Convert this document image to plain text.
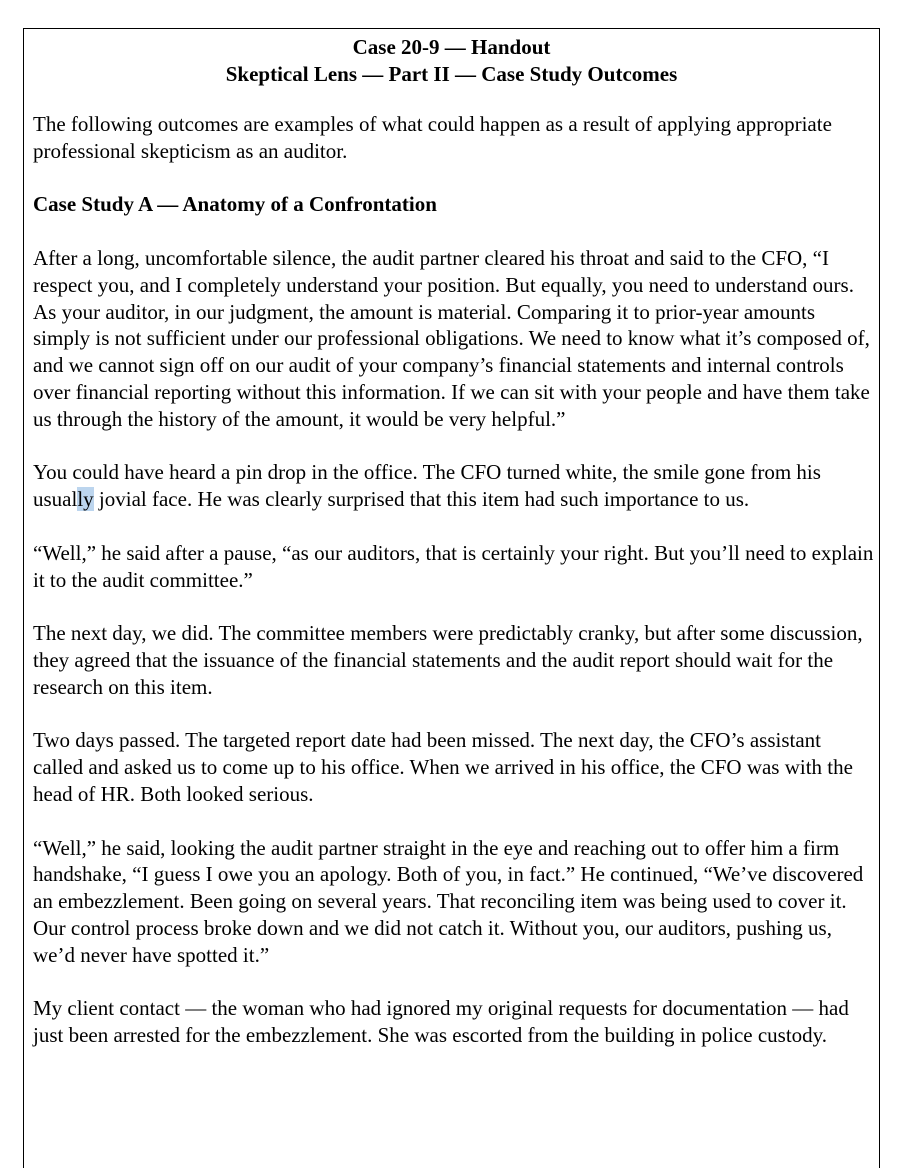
Case 20-9 — Handout
Skeptical Lens — Part II — Case Study Outcomes

The following outcomes are examples of what could happen as a result of applying appropriate professional skepticism as an auditor.

Case Study A — Anatomy of a Confrontation

After a long, uncomfortable silence, the audit partner cleared his throat and said to the CFO, “I respect you, and I completely understand your position. But equally, you need to understand ours. As your auditor, in our judgment, the amount is material. Comparing it to prior-year amounts simply is not sufficient under our professional obligations. We need to know what it’s composed of, and we cannot sign off on our audit of your company’s financial statements and internal controls over financial reporting without this information. If we can sit with your people and have them take us through the history of the amount, it would be very helpful.”

You could have heard a pin drop in the office. The CFO turned white, the smile gone from his usually jovial face. He was clearly surprised that this item had such importance to us.

“Well,” he said after a pause, “as our auditors, that is certainly your right. But you’ll need to explain it to the audit committee.”

The next day, we did. The committee members were predictably cranky, but after some discussion, they agreed that the issuance of the financial statements and the audit report should wait for the research on this item.

Two days passed. The targeted report date had been missed. The next day, the CFO’s assistant called and asked us to come up to his office. When we arrived in his office, the CFO was with the head of HR. Both looked serious.

“Well,” he said, looking the audit partner straight in the eye and reaching out to offer him a firm handshake, “I guess I owe you an apology. Both of you, in fact.” He continued, “We’ve discovered an embezzlement. Been going on several years. That reconciling item was being used to cover it. Our control process broke down and we did not catch it. Without you, our auditors, pushing us, we’d never have spotted it.”

My client contact — the woman who had ignored my original requests for documentation — had just been arrested for the embezzlement. She was escorted from the building in police custody.
